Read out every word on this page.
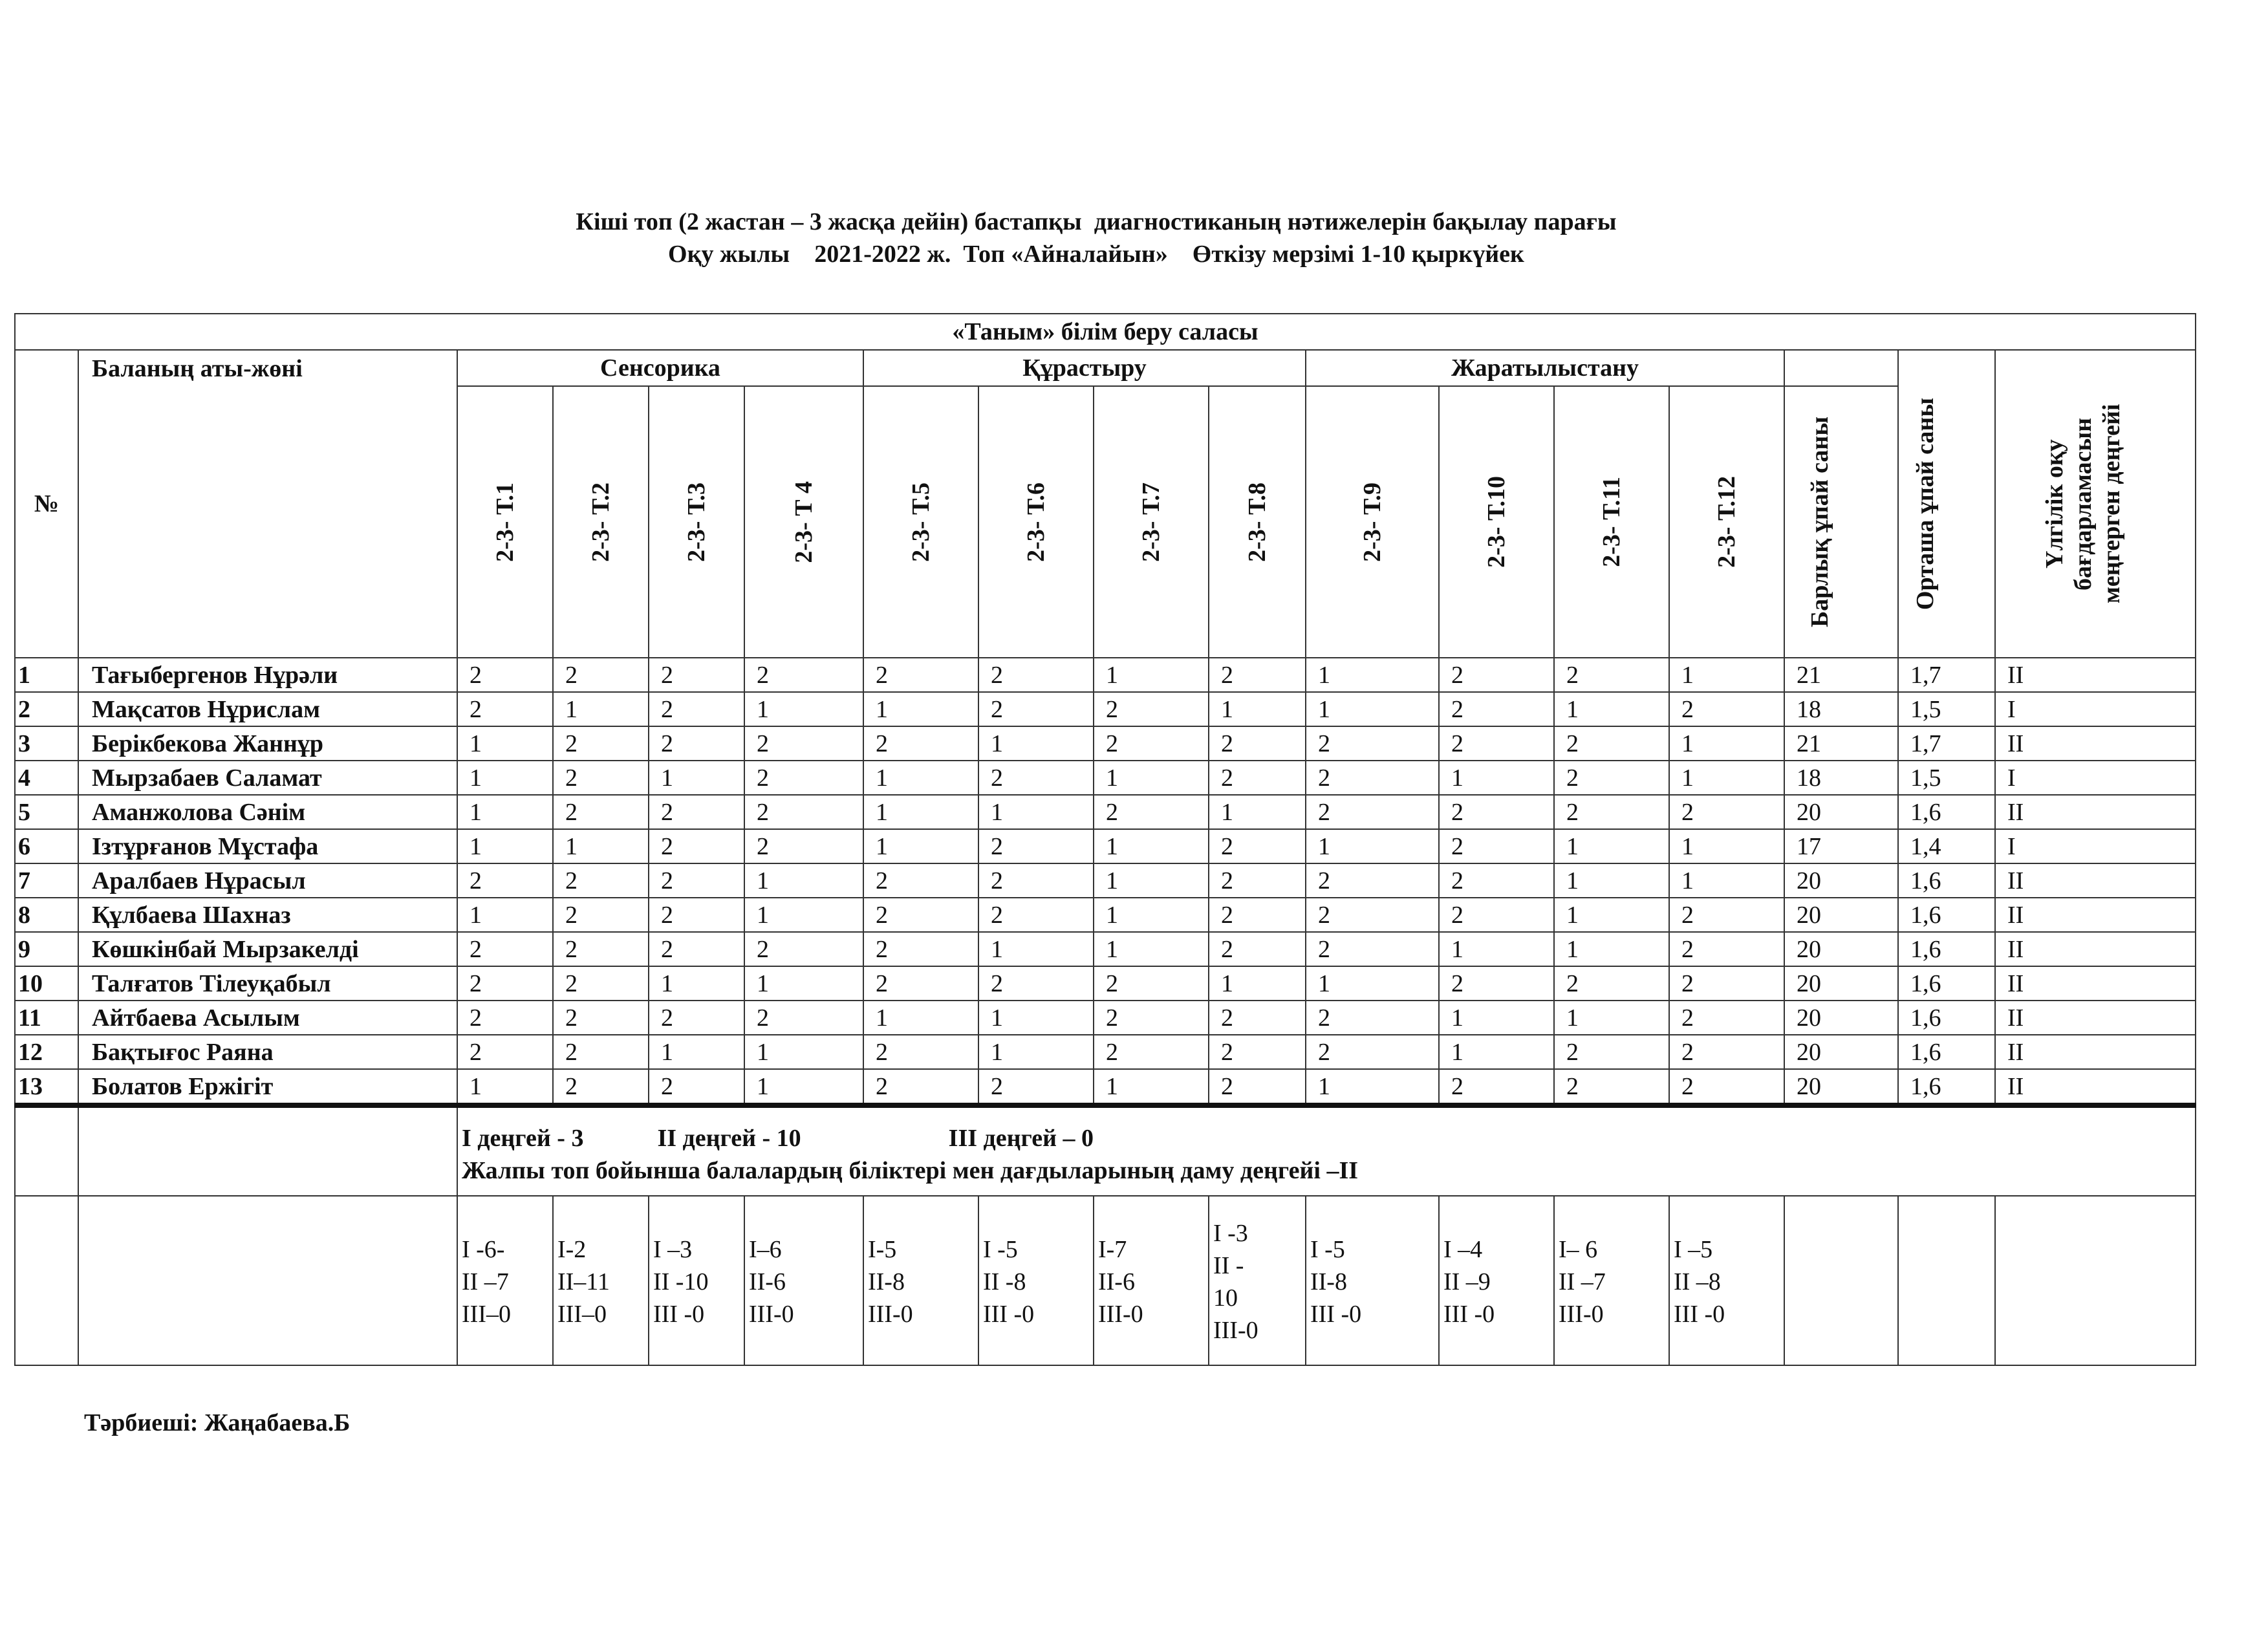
Кіші топ (2 жастан – 3 жасқа дейін) бастапқы  диагностиканың нәтижелерін бақылау парағы
Оқу жылы    2021-2022 ж.  Топ «Айналайын»    Өткізу мерзімі 1-10 қыркүйек
«Таным» білім беру саласы																
№	Баланың аты-жөні	Сенсорика				Құрастыру				Жаратылыстану					Орташа ұпай саны	Үлгілік оқу бағдарламасын меңгерген деңгейі

		2-3- Т.1	2-3- Т.2	2-3- Т.3	2-3- Т 4	2-3- Т.5	2-3- Т.6	2-3- Т.7	2-3- Т.8	2-3- Т.9	2-3- Т.10	2-3- Т.11	2-3- Т.12	Барлық ұпай саны		

1	Тағыбергенов Нұрәли	2	2	2	2	2	2	1	2	1	2	2	1	21	1,7	II
2	Мақсатов Нұрислам	2	1	2	1	1	2	2	1	1	2	1	2	18	1,5	I
3	Берікбекова Жаннұр	1	2	2	2	2	1	2	2	2	2	2	1	21	1,7	II
4	Мырзабаев Саламат	1	2	1	2	1	2	1	2	2	1	2	1	18	1,5	I
5	Аманжолова Сәнім	1	2	2	2	1	1	2	1	2	2	2	2	20	1,6	II
6	Ізтұрғанов Мұстафа	1	1	2	2	1	2	1	2	1	2	1	1	17	1,4	I
7	Аралбаев Нұрасыл	2	2	2	1	2	2	1	2	2	2	1	1	20	1,6	II
8	Құлбаева Шахназ	1	2	2	1	2	2	1	2	2	2	1	2	20	1,6	II
9	Көшкінбай Мырзакелді	2	2	2	2	2	1	1	2	2	1	1	2	20	1,6	II
10	Талғатов Тілеуқабыл	2	2	1	1	2	2	2	1	1	2	2	2	20	1,6	II
11	Айтбаева Асылым	2	2	2	2	1	1	2	2	2	1	1	2	20	1,6	II
12	Бақтығос Раяна	2	2	1	1	2	1	2	2	2	1	2	2	20	1,6	II
13	Болатов Ержігіт	1	2	2	1	2	2	1	2	1	2	2	2	20	1,6	II

		I деңгей - 3            II деңгей - 10                        III деңгей – 0
Жалпы топ бойынша балалардың біліктері мен дағдыларының даму деңгейі –II														

		I -6-
II –7
III–0	I-2
II–11
III–0	I –3
II -10
III -0	I–6
II-6
III-0	I-5
II-8
III-0	I -5
II -8
III -0	I-7
II-6
III-0	I -3
II -
10
III-0	I -5
II-8
III -0	I –4
II –9
III -0	I– 6
II –7
III-0	I –5
II –8
III -0			
Тәрбиеші: Жаңабаева.Б
